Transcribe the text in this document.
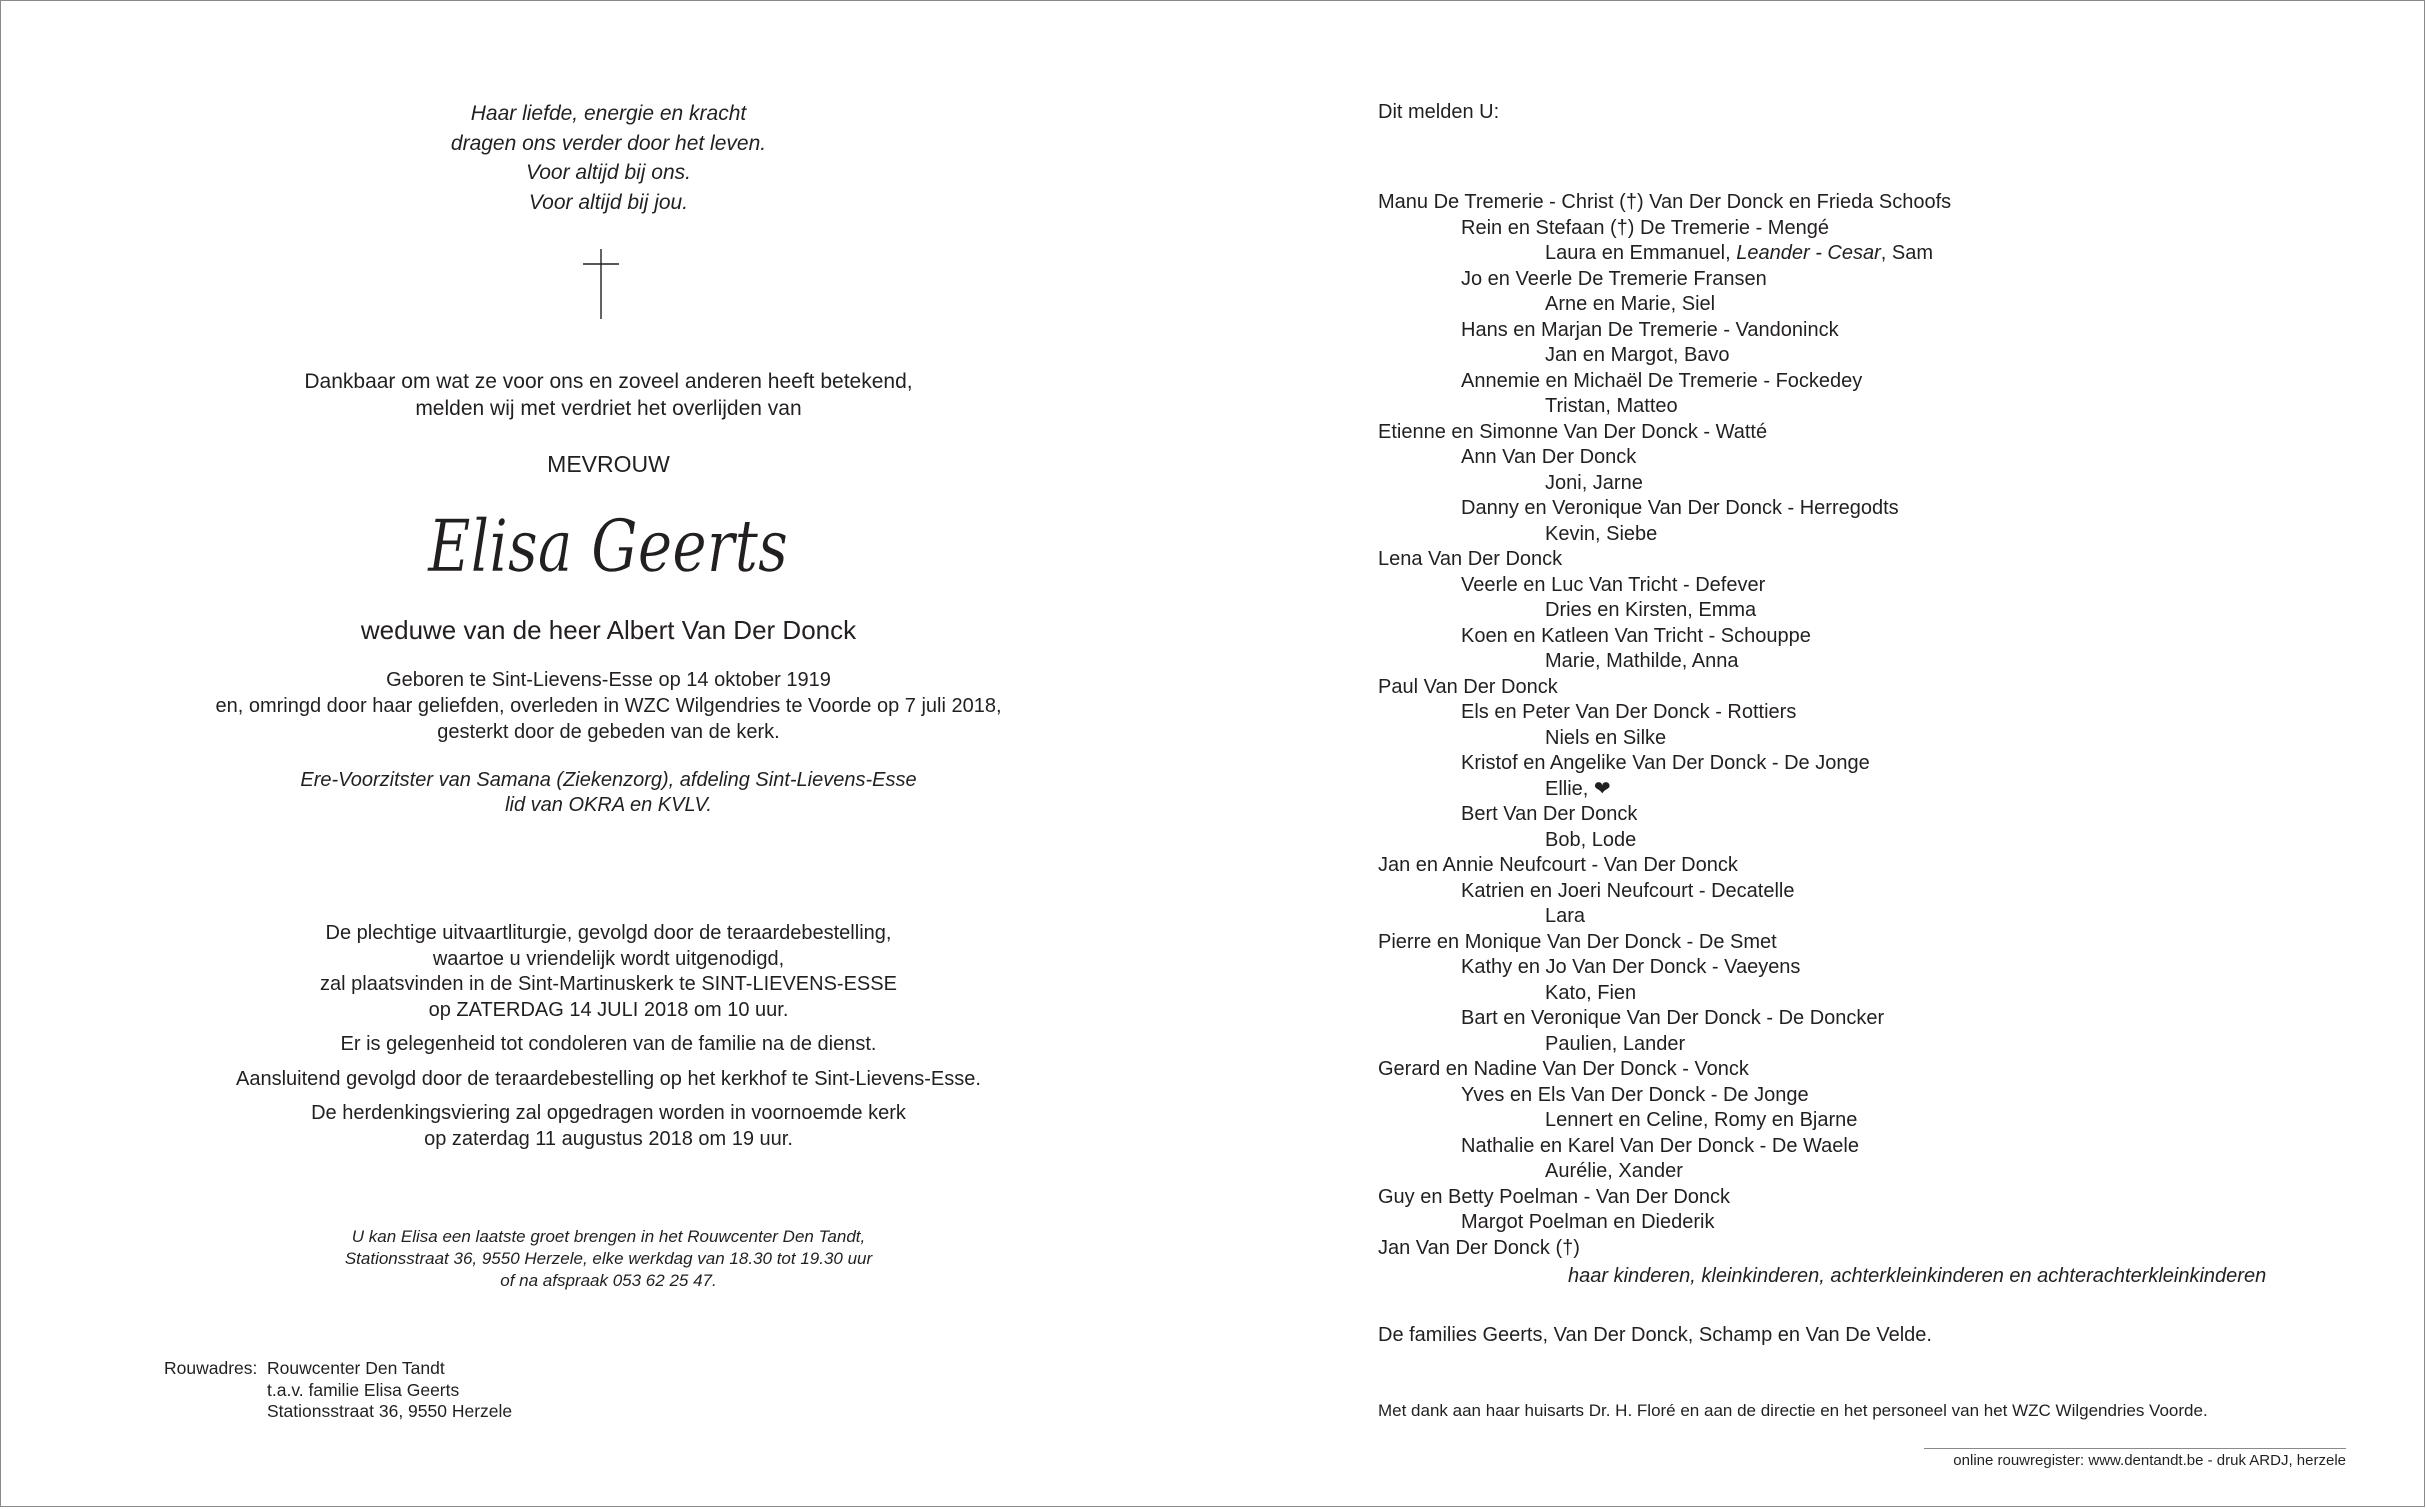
Haar liefde, energie en kracht
dragen ons verder door het leven.
Voor altijd bij ons.
Voor altijd bij jou.
Dankbaar om wat ze voor ons en zoveel anderen heeft betekend,
melden wij met verdriet het overlijden van
MEVROUW
Elisa Geerts
weduwe van de heer Albert Van Der Donck
Geboren te Sint-Lievens-Esse op 14 oktober 1919
en, omringd door haar geliefden, overleden in WZC Wilgendries te Voorde op 7 juli 2018,
gesterkt door de gebeden van de kerk.
Ere-Voorzitster van Samana (Ziekenzorg), afdeling Sint-Lievens-Esse
lid van OKRA en KVLV.
De plechtige uitvaartliturgie, gevolgd door de teraardebestelling,
waartoe u vriendelijk wordt uitgenodigd,
zal plaatsvinden in de Sint-Martinuskerk te SINT-LIEVENS-ESSE
op ZATERDAG 14 JULI 2018 om 10 uur.
Er is gelegenheid tot condoleren van de familie na de dienst.
Aansluitend gevolgd door de teraardebestelling op het kerkhof te Sint-Lievens-Esse.
De herdenkingsviering zal opgedragen worden in voornoemde kerk
op zaterdag 11 augustus 2018 om 19 uur.
U kan Elisa een laatste groet brengen in het Rouwcenter Den Tandt,
Stationsstraat 36, 9550 Herzele, elke werkdag van 18.30 tot 19.30 uur
of na afspraak 053 62 25 47.
Rouwadres: Rouwcenter Den Tandt
t.a.v. familie Elisa Geerts
Stationsstraat 36, 9550 Herzele
Dit melden U:
Manu De Tremerie - Christ (†) Van Der Donck en Frieda Schoofs
Rein en Stefaan (†) De Tremerie - Mengé
Laura en Emmanuel, Leander - Cesar, Sam
Jo en Veerle De Tremerie Fransen
Arne en Marie, Siel
Hans en Marjan De Tremerie - Vandoninck
Jan en Margot, Bavo
Annemie en Michaël De Tremerie - Fockedey
Tristan, Matteo
Etienne en Simonne Van Der Donck - Watté
Ann Van Der Donck
Joni, Jarne
Danny en Veronique Van Der Donck - Herregodts
Kevin, Siebe
Lena Van Der Donck
Veerle en Luc Van Tricht - Defever
Dries en Kirsten, Emma
Koen en Katleen Van Tricht - Schouppe
Marie, Mathilde, Anna
Paul Van Der Donck
Els en Peter Van Der Donck - Rottiers
Niels en Silke
Kristof en Angelike Van Der Donck - De Jonge
Ellie, ❤
Bert Van Der Donck
Bob, Lode
Jan en Annie Neufcourt - Van Der Donck
Katrien en Joeri Neufcourt - Decatelle
Lara
Pierre en Monique Van Der Donck - De Smet
Kathy en Jo Van Der Donck - Vaeyens
Kato, Fien
Bart en Veronique Van Der Donck - De Doncker
Paulien, Lander
Gerard en Nadine Van Der Donck - Vonck
Yves en Els Van Der Donck - De Jonge
Lennert en Celine, Romy en Bjarne
Nathalie en Karel Van Der Donck - De Waele
Aurélie, Xander
Guy en Betty Poelman - Van Der Donck
Margot Poelman en Diederik
Jan Van Der Donck (†)
haar kinderen, kleinkinderen, achterkleinkinderen en achterachterkleinkinderen
De families Geerts, Van Der Donck, Schamp en Van De Velde.
Met dank aan haar huisarts Dr. H. Floré en aan de directie en het personeel van het WZC Wilgendries Voorde.
online rouwregister: www.dentandt.be - druk ARDJ, herzele
